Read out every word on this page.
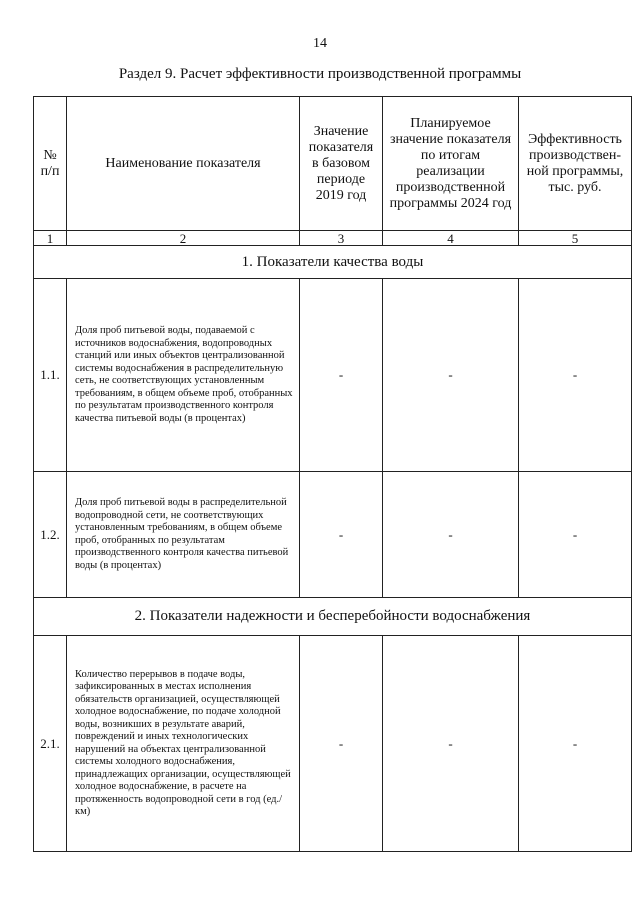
14
Раздел 9. Расчет эффективности производственной программы
№
п/п	Наименование показателя	Значение показателя в базовом периоде 2019 год	Планируемое значение показателя по итогам реализации производственной программы 2024 год	Эффективность производствен-ной программы, тыс. руб.
1	2	3	4	5
1. Показатели качества воды				
1.1.	Доля проб питьевой воды, подаваемой с источников водоснабжения, водопроводных станций или иных объектов централизованной системы водоснабжения в распределительную сеть, не соответствующих установленным требованиям, в общем объеме проб, отобранных по результатам производственного контроля качества питьевой воды (в процентах)	-	-	-
1.2.	Доля проб питьевой воды в распределительной водопроводной сети, не соответствующих установленным требованиям, в общем объеме проб, отобранных по результатам производственного контроля качества питьевой воды (в процентах)	-	-	-
2. Показатели надежности и бесперебойности водоснабжения				
2.1.	Количество перерывов в подаче воды, зафиксированных в местах исполнения обязательств организацией, осуществляющей холодное водоснабжение, по подаче холодной воды, возникших в результате аварий, повреждений и иных технологических нарушений на объектах централизованной системы холодного водоснабжения, принадлежащих организации, осуществляющей холодное водоснабжение, в расчете на протяженность водопроводной сети в год (ед./км)	-	-	-
